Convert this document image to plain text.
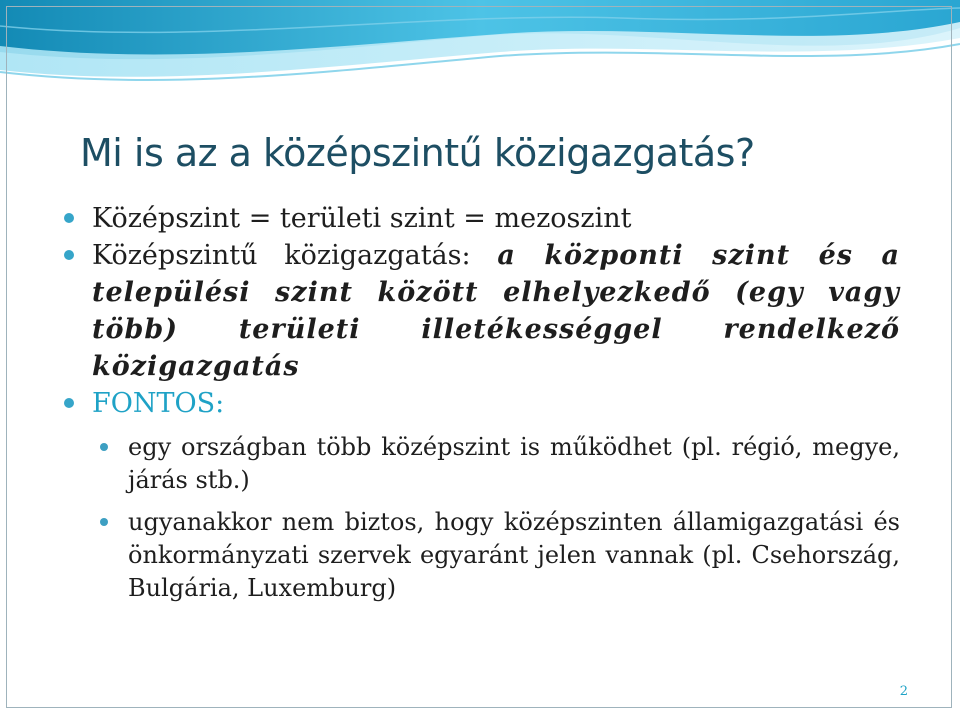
Mi is az a középszintű közigazgatás?
Középszint = területi szint = mezoszint
Középszintű közigazgatás: a központi szint és a települési szint között elhelyezkedő (egy vagy több) területi illetékességgel rendelkező közigazgatás
FONTOS:
egy országban több középszint is működhet (pl. régió, megye, járás stb.)
ugyanakkor nem biztos, hogy középszinten államigazgatási és önkormányzati szervek egyaránt jelen vannak (pl. Csehország, Bulgária, Luxemburg)
2
